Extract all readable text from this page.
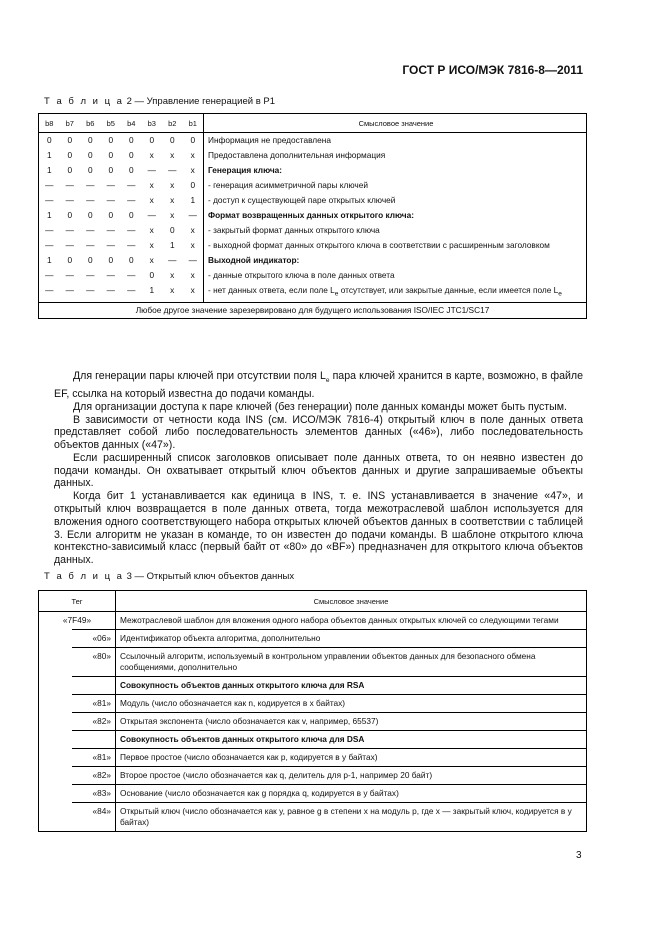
ГОСТ Р ИСО/МЭК 7816-8—2011
Т а б л и ц а 2 — Управление генерацией в P1
b8	b7	b6	b5	b4	b3	b2	b1	Смысловое значение
0	0	0	0	0	0	0	0	Информация не предоставлена
1	0	0	0	0	x	x	x	Предоставлена дополнительная информация
1	0	0	0	0	—	—	x	Генерация ключа:
—	—	—	—	—	x	x	0	- генерация асимметричной пары ключей
—	—	—	—	—	x	x	1	- доступ к существующей паре открытых ключей
1	0	0	0	0	—	x	—	Формат возвращенных данных открытого ключа:
—	—	—	—	—	x	0	x	- закрытый формат данных открытого ключа
—	—	—	—	—	x	1	x	- выходной формат данных открытого ключа в соответствии с расширенным заголовком
1	0	0	0	0	x	—	—	Выходной индикатор:
—	—	—	—	—	0	x	x	- данные открытого ключа в поле данных ответа
—	—	—	—	—	1	x	x	- нет данных ответа, если поле $L_e$ отсутствует, или закрытые данные, если имеется поле $L_e$
Любое другое значение зарезервировано для будущего использования ISO/IEC JTC1/SC17								

Для генерации пары ключей при отсутствии поля $L_e$ пара ключей хранится в карте, возможно, в файле EF, ссылка на который известна до подачи команды.

Для организации доступа к паре ключей (без генерации) поле данных команды может быть пустым.

В зависимости от четности кода INS (см. ИСО/МЭК 7816-4) открытый ключ в поле данных ответа представляет собой либо последовательность элементов данных («46»), либо последовательность объектов данных («47»).

Если расширенный список заголовков описывает поле данных ответа, то он неявно известен до подачи команды. Он охватывает открытый ключ объектов данных и другие запрашиваемые объекты данных.

Когда бит 1 устанавливается как единица в INS, т. е. INS устанавливается в значение «47», и открытый ключ возвращается в поле данных ответа, тогда межотраслевой шаблон используется для вложения одного соответствующего набора открытых ключей объектов данных в соответствии с таблицей 3. Если алгоритм не указан в команде, то он известен до подачи команды. В шаблоне открытого ключа контекстно-зависимый класс (первый байт от «80» до «BF») предназначен для открытого ключа объектов данных.

Т а б л и ц а 3 — Открытый ключ объектов данных
Тег		Смысловое значение
«7F49»		Межотраслевой шаблон для вложения одного набора объектов данных открытых ключей со следующими тегами
	«06»	Идентификатор объекта алгоритма, дополнительно
	«80»	Ссылочный алгоритм, используемый в контрольном управлении объектов данных для безопасного обмена сообщениями, дополнительно
		Совокупность объектов данных открытого ключа для RSA
	«81»	Модуль (число обозначается как n, кодируется в x байтах)
	«82»	Открытая экспонента (число обозначается как v, например, 65537)
		Совокупность объектов данных открытого ключа для DSA
	«81»	Первое простое (число обозначается как p, кодируется в y байтах)
	«82»	Второе простое (число обозначается как q, делитель для p-1, например 20 байт)
	«83»	Основание (число обозначается как g порядка q, кодируется в y байтах)
	«84»	Открытый ключ (число обозначается как y, равное g в степени x на модуль p, где x — закрытый ключ, кодируется в y байтах)
3
